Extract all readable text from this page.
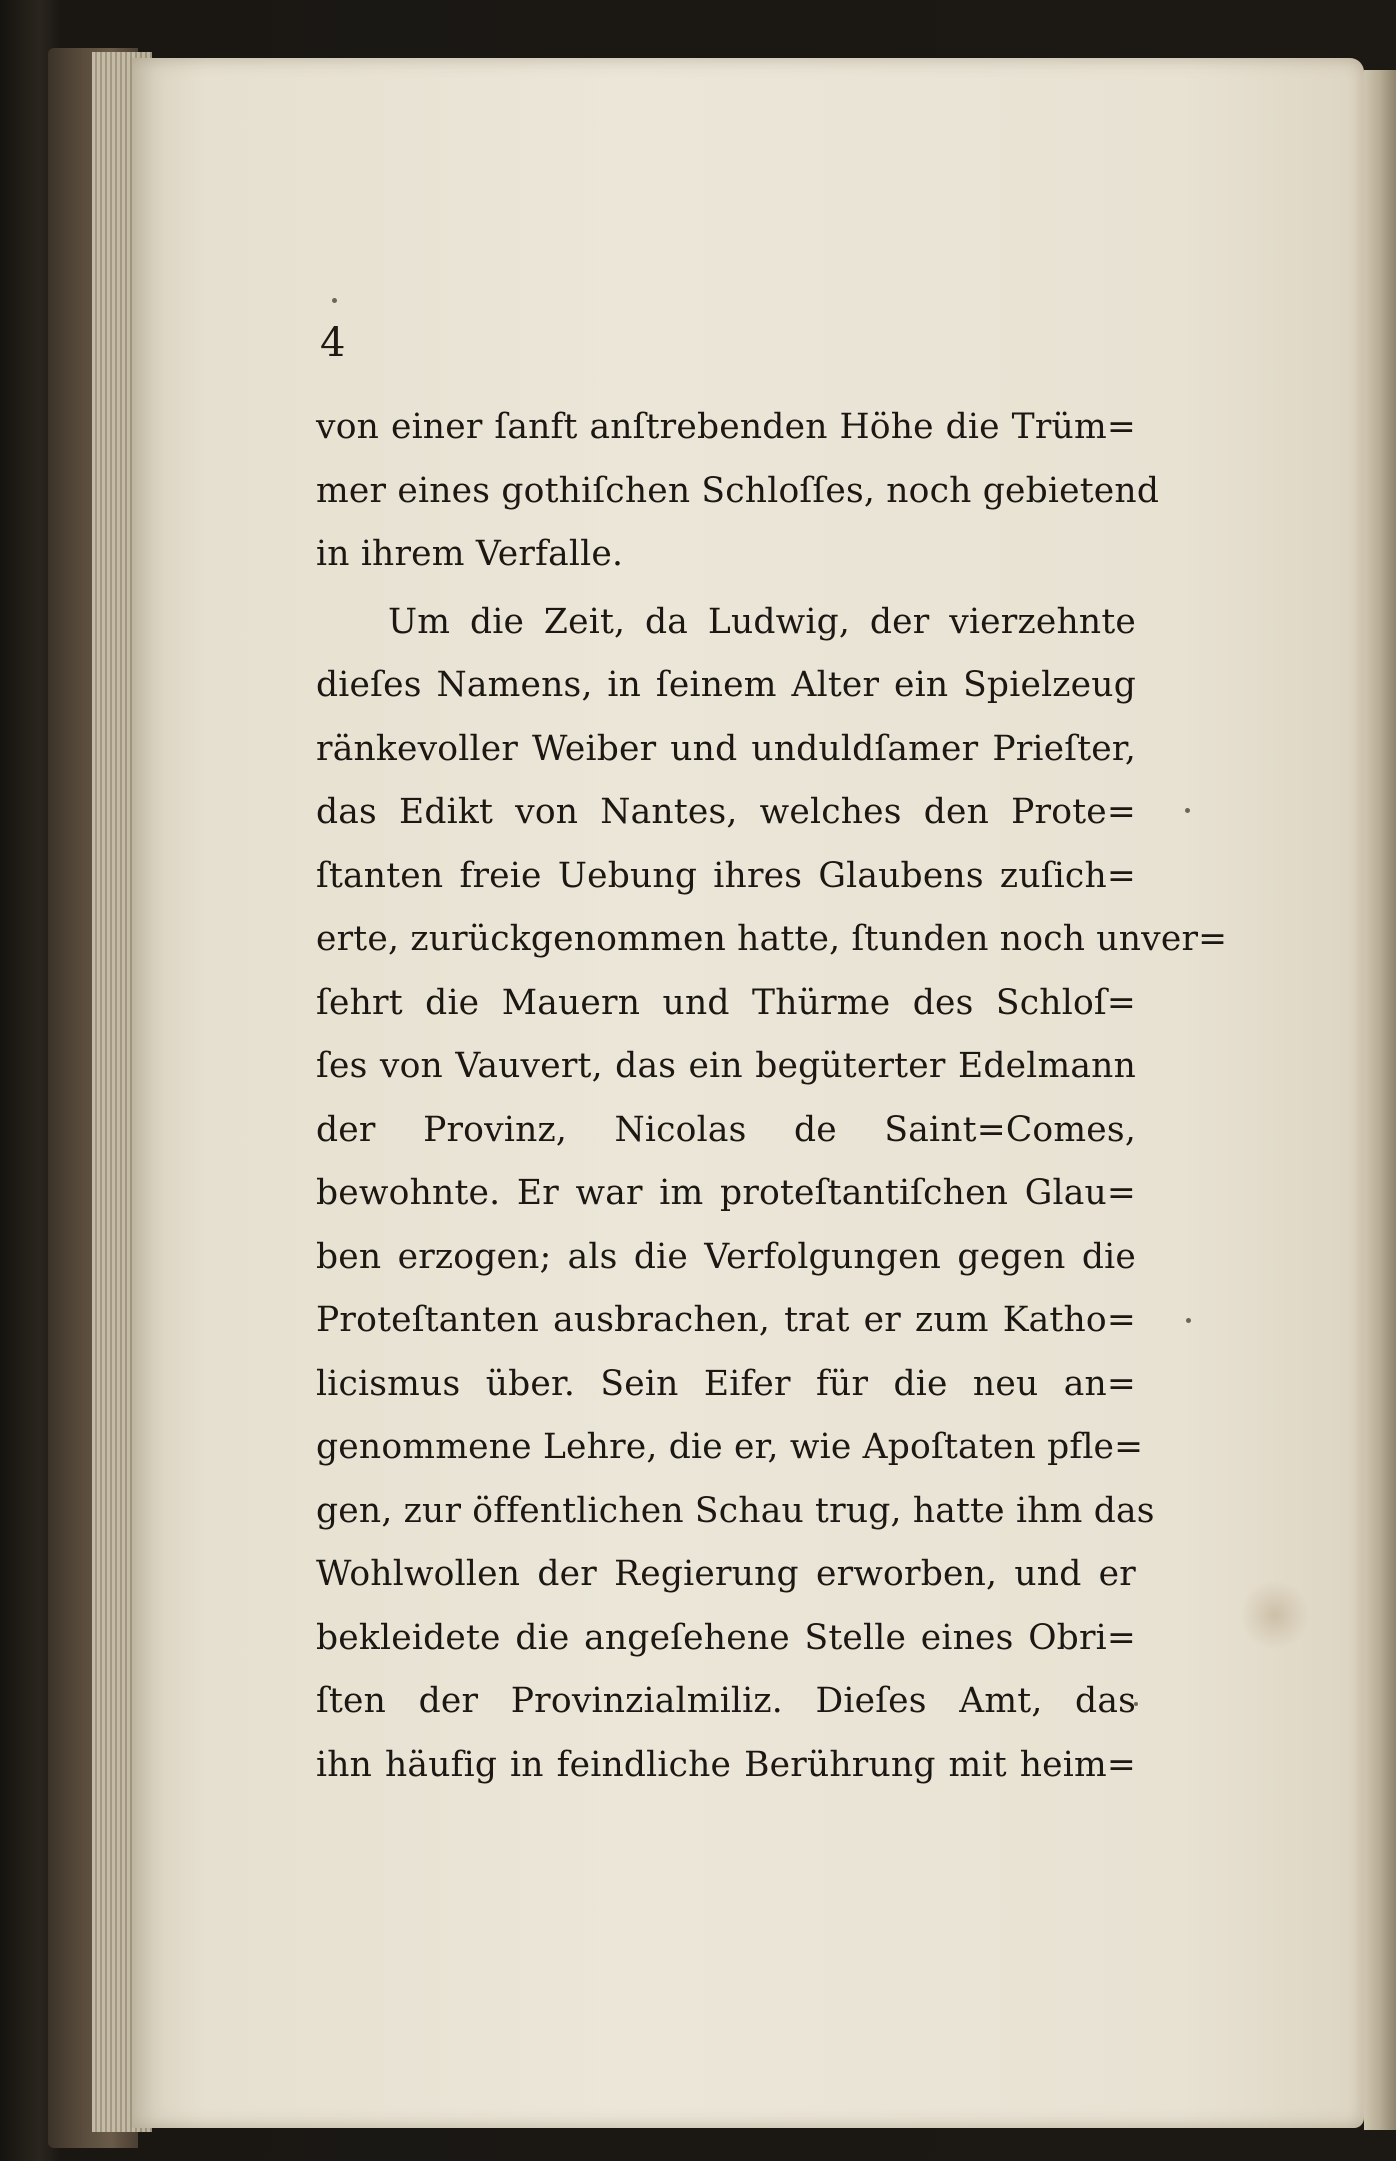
4
von einer ſanft anſtrebenden Höhe die Trüm=
mer eines gothiſchen Schloſſes, noch gebietend
in ihrem Verfalle.
Um die Zeit, da Ludwig, der vierzehnte
dieſes Namens, in ſeinem Alter ein Spielzeug
ränkevoller Weiber und unduldſamer Prieſter,
das Edikt von Nantes, welches den Prote=
ſtanten freie Uebung ihres Glaubens zuſich=
erte, zurückgenommen hatte, ſtunden noch unver=
ſehrt die Mauern und Thürme des Schloſ=
ſes von Vauvert, das ein begüterter Edelmann
der Provinz, Nicolas de Saint=Comes,
bewohnte. Er war im proteſtantiſchen Glau=
ben erzogen; als die Verfolgungen gegen die
Proteſtanten ausbrachen, trat er zum Katho=
licismus über. Sein Eifer für die neu an=
genommene Lehre, die er, wie Apoſtaten pfle=
gen, zur öffentlichen Schau trug, hatte ihm das
Wohlwollen der Regierung erworben, und er
bekleidete die angeſehene Stelle eines Obri=
ſten der Provinzialmiliz. Dieſes Amt, das
ihn häufig in feindliche Berührung mit heim=
